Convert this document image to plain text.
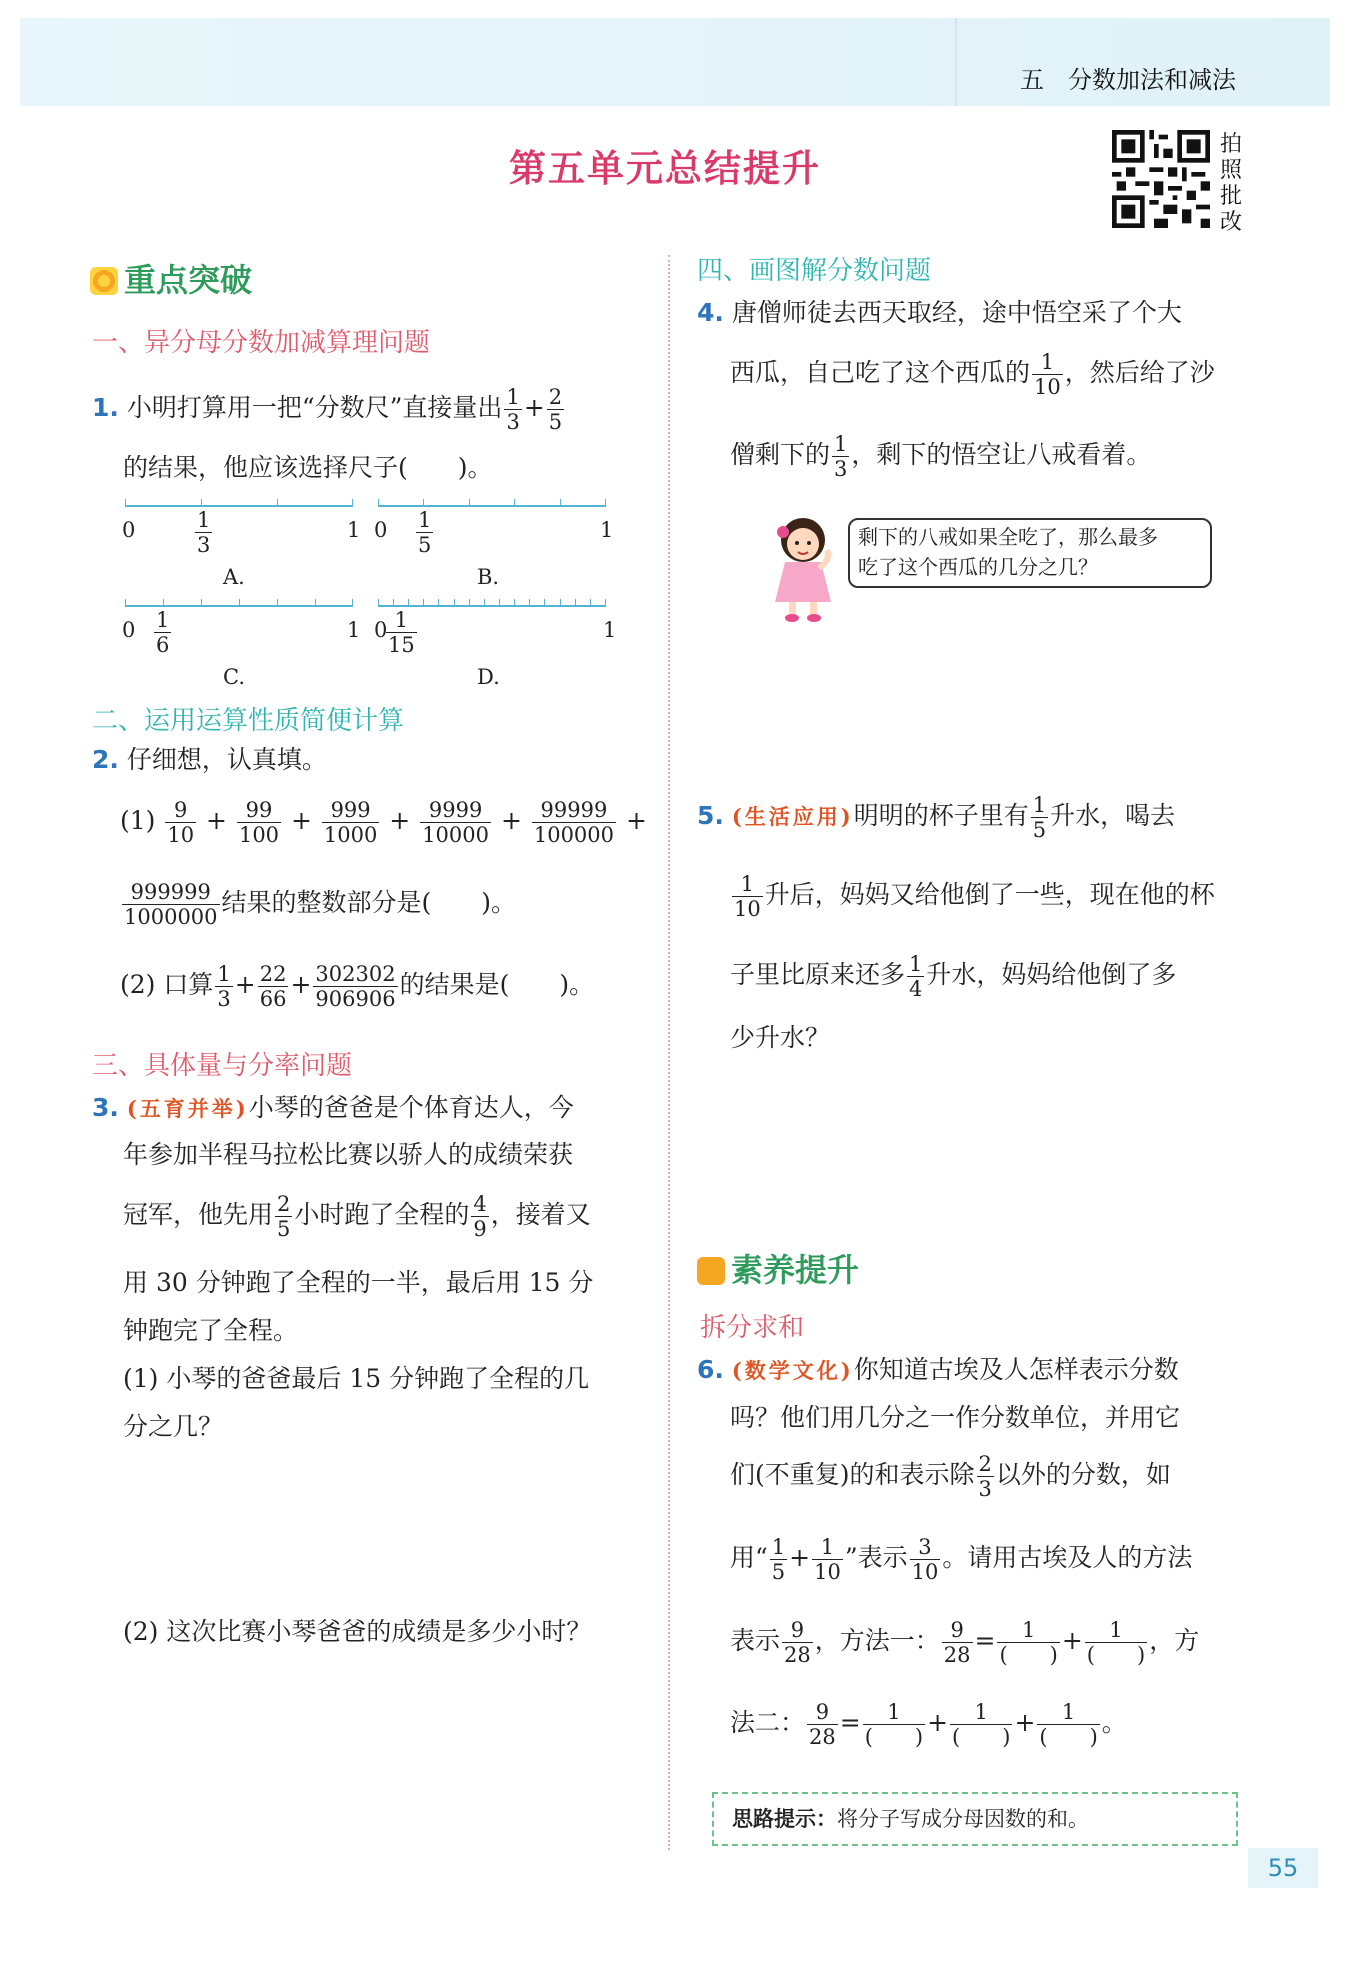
五　分数加法和减法
第五单元总结提升
拍照批改
重点突破
一、异分母分数加减算理问题
1. 小明打算用一把“分数尺”直接量出 $\frac{1}{3} + \frac{2}{5}$
的结果，他应该选择尺子(　　)。
0	1
3
1
A.
0 1
5
1
B.
0 1
6
1
C.
0 1
15
1
D.
二、运用运算性质简便计算
2. 仔细想，认真填。
$(1) \frac{9}{10} + \frac{99}{100} + \frac{999}{1000} + \frac{9999}{10000} + \frac{99999}{100000}$ +
$\frac{999999}{1000000}$ 结果的整数部分是(　　)。
(2) 口算 $\frac{1}{3} + \frac{22}{66} + \frac{302302}{906906}$ 的结果是(　　)。
三、具体量与分率问题
3. (五育并举)小琴的爸爸是个体育达人，今
年参加半程马拉松比赛以骄人的成绩荣获
冠军，他先用 $\frac{2}{5}$ 小时跑了全程的 $\frac{4}{9}$ ，接着又
用 30 分钟跑了全程的一半，最后用 15 分
钟跑完了全程。
(1) 小琴的爸爸最后 15 分钟跑了全程的几
分之几？
(2) 这次比赛小琴爸爸的成绩是多少小时？
四、画图解分数问题
4. 唐僧师徒去西天取经，途中悟空采了个大
西瓜，自己吃了这个西瓜的 $\frac{1}{10}$ ，然后给了沙
僧剩下的 $\frac{1}{3}$ ，剩下的悟空让八戒看着。
剩下的八戒如果全吃了，那么最多
吃了这个西瓜的几分之几？
5. (生活应用)明明的杯子里有 $\frac{1}{5}$ 升水，喝去
$\frac{1}{10}$ 升后，妈妈又给他倒了一些，现在他的杯
子里比原来还多 $\frac{1}{4}$ 升水，妈妈给他倒了多
少升水？
素养提升
拆分求和
6. (数学文化)你知道古埃及人怎样表示分数
吗？他们用几分之一作分数单位，并用它
们(不重复)的和表示除 $\frac{2}{3}$ 以外的分数，如
用“ $\frac{1}{5} + \frac{1}{10}$ ”表示 $\frac{3}{10}$ 。请用古埃及人的方法
表示 $\frac{9}{28}$ ，方法一： $\frac{9}{28}$ =	1
(　　) +	1
(　　) ，方
法二： $\frac{9}{28}$ =	1
(　　) +	1
(　　) +	1
(　　) 。
思路提示：将分子写成分母因数的和。
55
